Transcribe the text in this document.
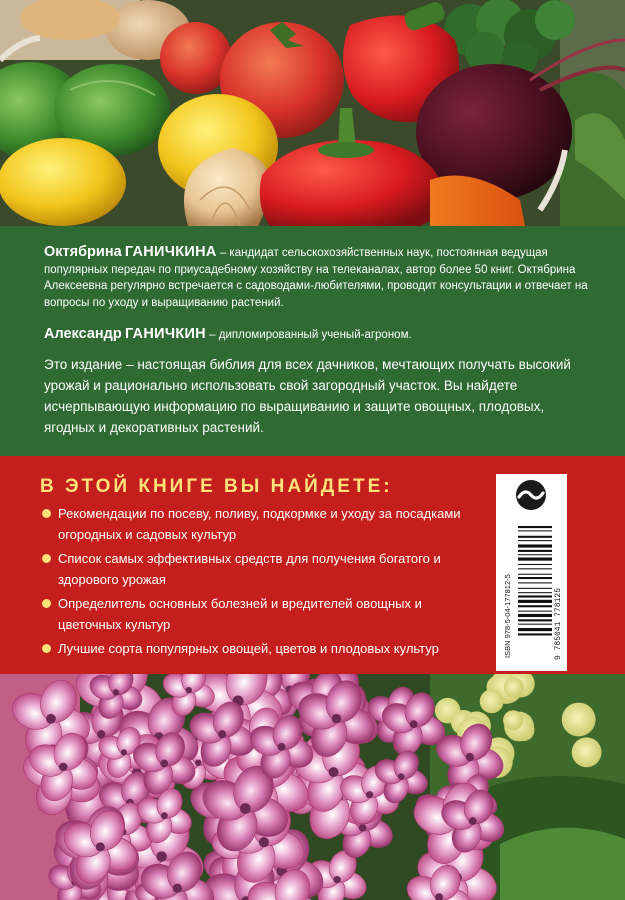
Октябрина ГАНИЧКИНА – кандидат сельскохозяйственных наук, постоянная ведущая популярных передач по приусадебному хозяйству на телеканалах, автор более 50 книг. Октябрина Алексеевна регулярно встречается с садоводами-любителями, проводит консультации и отвечает на вопросы по уходу и выращиванию растений.

Александр ГАНИЧКИН – дипломированный ученый-агроном.

Это издание – настоящая библия для всех дачников, мечтающих получать высокий урожай и рационально использовать свой загородный участок. Вы найдете исчерпывающую информацию по выращиванию и защите овощных, плодовых, ягодных и декоративных растений.

В ЭТОЙ КНИГЕ ВЫ НАЙДЕТЕ:
Рекомендации по посеву, поливу, подкормке и уходу за посадками огородных и садовых культур
Список самых эффективных средств для получения богатого и здорового урожая
Определитель основных болезней и вредителей овощных и цветочных культур
Лучшие сорта популярных овощей, цветов и плодовых культур	ISBN 978-5-04-177812-5	9 785041 778125
